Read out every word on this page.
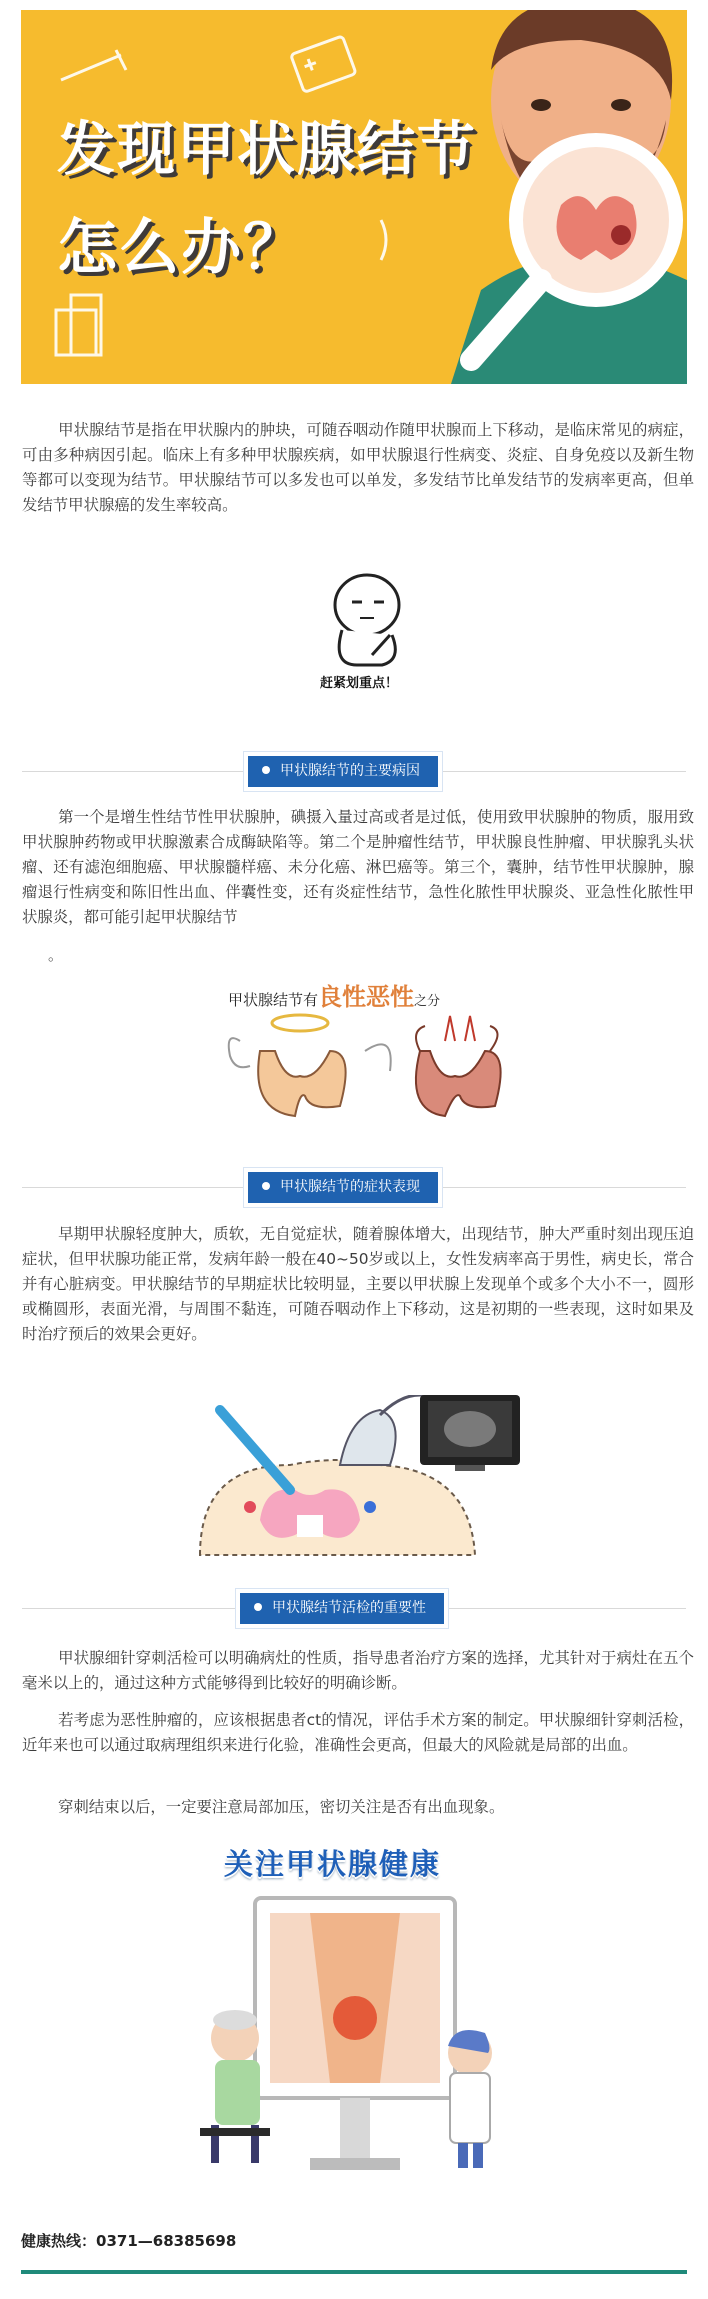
发现甲状腺结节
怎么办？
甲状腺结节是指在甲状腺内的肿块，可随吞咽动作随甲状腺而上下移动，是临床常见的病症，可由多种病因引起。临床上有多种甲状腺疾病，如甲状腺退行性病变、炎症、自身免疫以及新生物等都可以变现为结节。甲状腺结节可以多发也可以单发，多发结节比单发结节的发病率更高，但单发结节甲状腺癌的发生率较高。
赶紧划重点！
甲状腺结节的主要病因
第一个是增生性结节性甲状腺肿，碘摄入量过高或者是过低，使用致甲状腺肿的物质，服用致甲状腺肿药物或甲状腺激素合成酶缺陷等。第二个是肿瘤性结节，甲状腺良性肿瘤、甲状腺乳头状瘤、还有滤泡细胞癌、甲状腺髓样癌、未分化癌、淋巴癌等。第三个，囊肿，结节性甲状腺肿，腺瘤退行性病变和陈旧性出血、伴囊性变，还有炎症性结节，急性化脓性甲状腺炎、亚急性化脓性甲状腺炎，都可能引起甲状腺结节
。
甲状腺结节有良性恶性之分
甲状腺结节的症状表现
早期甲状腺轻度肿大，质软，无自觉症状，随着腺体增大，出现结节，肿大严重时刻出现压迫症状，但甲状腺功能正常，发病年龄一般在40~50岁或以上，女性发病率高于男性，病史长，常合并有心脏病变。甲状腺结节的早期症状比较明显，主要以甲状腺上发现单个或多个大小不一，圆形或椭圆形，表面光滑，与周围不黏连，可随吞咽动作上下移动，这是初期的一些表现，这时如果及时治疗预后的效果会更好。
甲状腺结节活检的重要性
甲状腺细针穿刺活检可以明确病灶的性质，指导患者治疗方案的选择，尤其针对于病灶在五个毫米以上的，通过这种方式能够得到比较好的明确诊断。
若考虑为恶性肿瘤的，应该根据患者ct的情况，评估手术方案的制定。甲状腺细针穿刺活检，近年来也可以通过取病理组织来进行化验，准确性会更高，但最大的风险就是局部的出血。
穿刺结束以后，一定要注意局部加压，密切关注是否有出血现象。
关注甲状腺健康
健康热线：0371—68385698
